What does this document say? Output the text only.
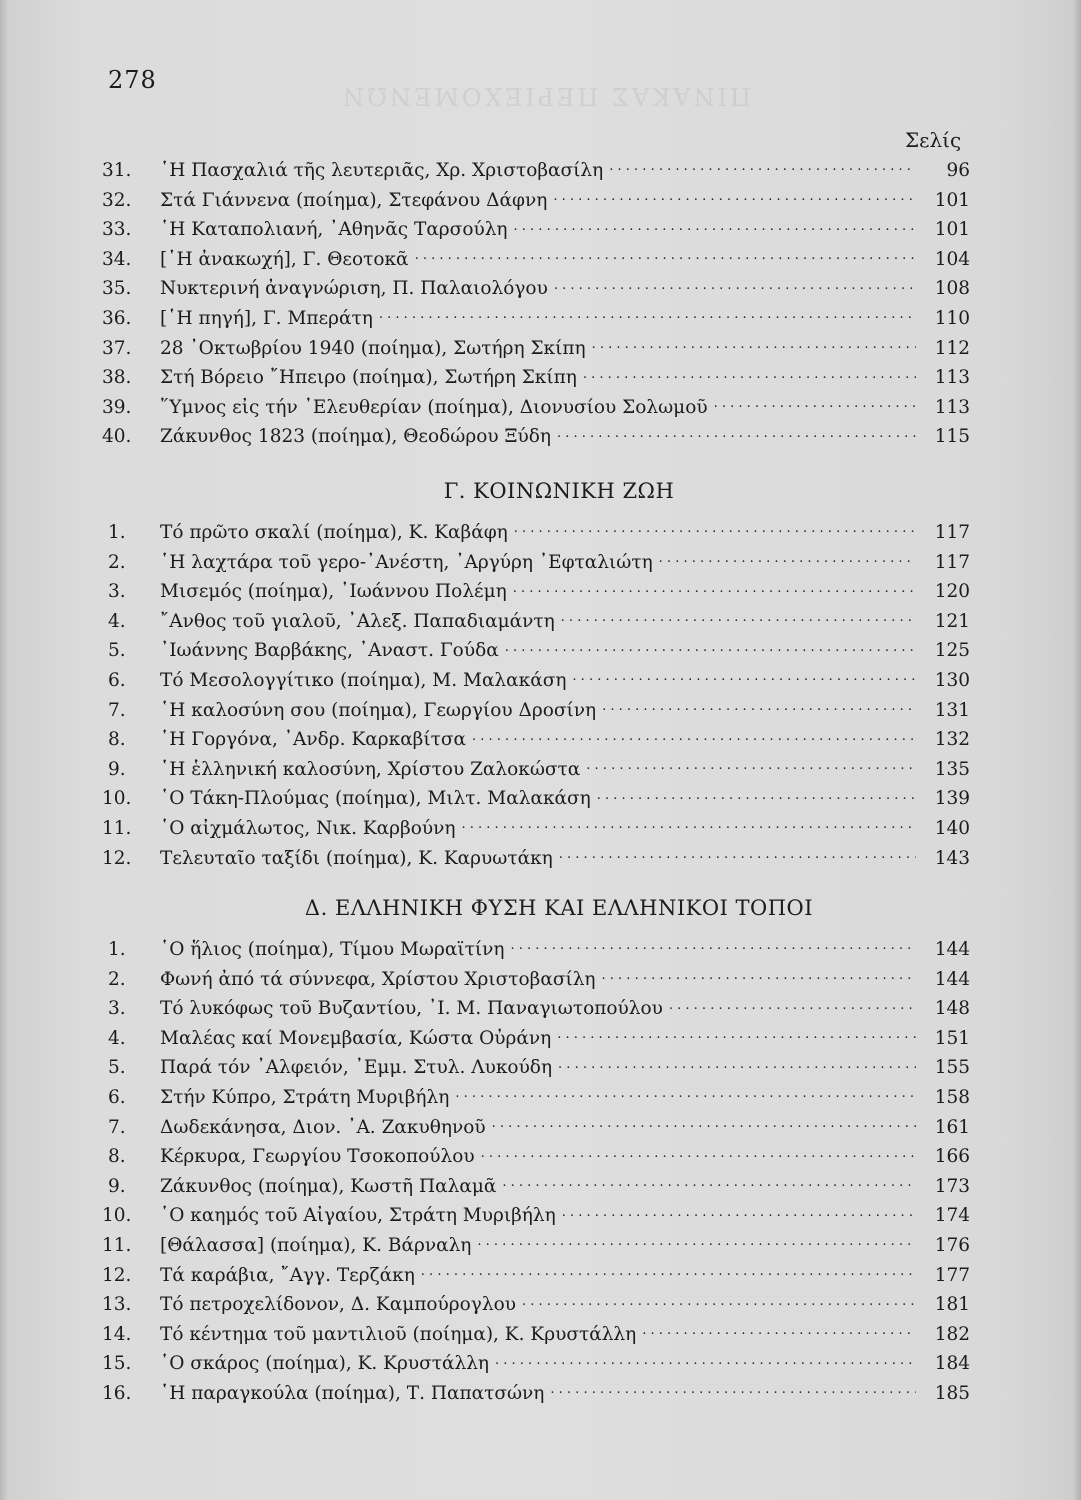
278
ΠΙΝΑΚΑΣ ΠΕΡΙΕΧΟΜΕΝΩΝ
Σελίς
31.	῾Η Πασχαλιά τῆς λευτεριᾶς, Χρ. Χριστοβασίλη . . .	96
32.	Στά Γιάννενα (ποίημα), Στεφάνου Δάφνη . . .	101
33.	῾Η Καταπολιανή, ᾿Αθηνᾶς Ταρσούλη . . .	101
34.	[῾Η ἀνακωχή], Γ. Θεοτοκᾶ . . .	104
35.	Νυκτερινή ἀναγνώριση, Π. Παλαιολόγου . . .	108
36.	[῾Η πηγή], Γ. Μπεράτη . . .	110
37.	28 ᾿Οκτωβρίου 1940 (ποίημα), Σωτήρη Σκίπη . . .	112
38.	Στή Βόρειο ῎Ηπειρο (ποίημα), Σωτήρη Σκίπη . . .	113
39.	῞Υμνος εἰς τήν ᾿Ελευθερίαν (ποίημα), Διονυσίου Σολωμοῦ . . .	113
40.	Ζάκυνθος 1823 (ποίημα), Θεοδώρου Ξύδη . . .	115
Γ. ΚΟΙΝΩΝΙΚΗ ΖΩΗ
1.	Τό πρῶτο σκαλί (ποίημα), Κ. Καβάφη . . .	117
2.	῾Η λαχτάρα τοῦ γερο-᾿Ανέστη, ᾿Αργύρη ᾿Εφταλιώτη . . .	117
3.	Μισεμός (ποίημα), ᾿Ιωάννου Πολέμη . . .	120
4.	῎Ανθος τοῦ γιαλοῦ, ᾿Αλεξ. Παπαδιαμάντη . . .	121
5.	᾿Ιωάννης Βαρβάκης, ᾿Αναστ. Γούδα . . .	125
6.	Τό Μεσολογγίτικο (ποίημα), Μ. Μαλακάση . . .	130
7.	῾Η καλοσύνη σου (ποίημα), Γεωργίου Δροσίνη . . .	131
8.	῾Η Γοργόνα, ᾿Ανδρ. Καρκαβίτσα . . .	132
9.	῾Η ἑλληνική καλοσύνη, Χρίστου Ζαλοκώστα . . .	135
10.	῾Ο Τάκη-Πλούμας (ποίημα), Μιλτ. Μαλακάση . . .	139
11.	῾Ο αἰχμάλωτος, Νικ. Καρβούνη . . .	140
12.	Τελευταῖο ταξίδι (ποίημα), Κ. Καρυωτάκη . . .	143
Δ. ΕΛΛΗΝΙΚΗ ΦΥΣΗ ΚΑΙ ΕΛΛΗΝΙΚΟΙ ΤΟΠΟΙ
1.	῾Ο ἥλιος (ποίημα), Τίμου Μωραϊτίνη . . .	144
2.	Φωνή ἀπό τά σύννεφα, Χρίστου Χριστοβασίλη . . .	144
3.	Τό λυκόφως τοῦ Βυζαντίου, ᾿Ι. Μ. Παναγιωτοπούλου . . .	148
4.	Μαλέας καί Μονεμβασία, Κώστα Οὐράνη . . .	151
5.	Παρά τόν ᾿Αλφειόν, ᾿Εμμ. Στυλ. Λυκούδη . . .	155
6.	Στήν Κύπρο, Στράτη Μυριβήλη . . .	158
7.	Δωδεκάνησα, Διον. ᾿Α. Ζακυθηνοῦ . . .	161
8.	Κέρκυρα, Γεωργίου Τσοκοπούλου . . .	166
9.	Ζάκυνθος (ποίημα), Κωστῆ Παλαμᾶ . . .	173
10.	῾Ο καημός τοῦ Αἰγαίου, Στράτη Μυριβήλη . . .	174
11.	[Θάλασσα] (ποίημα), Κ. Βάρναλη . . .	176
12.	Τά καράβια, ῎Αγγ. Τερζάκη . . .	177
13.	Τό πετροχελίδονον, Δ. Καμπούρογλου . . .	181
14.	Τό κέντημα τοῦ μαντιλιοῦ (ποίημα), Κ. Κρυστάλλη . . .	182
15.	῾Ο σκάρος (ποίημα), Κ. Κρυστάλλη . . .	184
16.	῾Η παραγκούλα (ποίημα), Τ. Παπατσώνη . . .	185
